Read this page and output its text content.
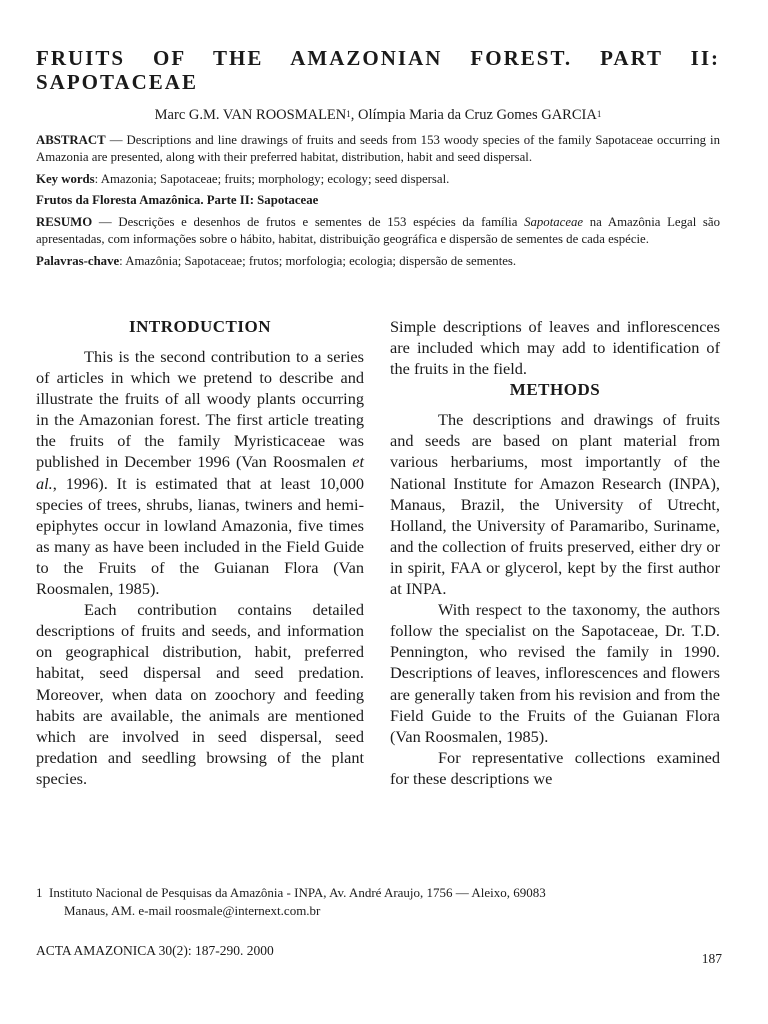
FRUITS OF THE AMAZONIAN FOREST. PART II: SAPOTACEAE
Marc G.M. VAN ROOSMALEN$^1$, Olímpia Maria da Cruz Gomes GARCIA$^1$

ABSTRACT — Descriptions and line drawings of fruits and seeds from 153 woody species of the family Sapotaceae occurring in Amazonia are presented, along with their preferred habitat, distribution, habit and seed dispersal.

Key words: Amazonia; Sapotaceae; fruits; morphology; ecology; seed dispersal.

Frutos da Floresta Amazônica. Parte II: Sapotaceae

RESUMO — Descrições e desenhos de frutos e sementes de 153 espécies da família Sapotaceae na Amazônia Legal são apresentadas, com informações sobre o hábito, habitat, distribuição geográfica e dispersão de sementes de cada espécie.

Palavras-chave: Amazônia; Sapotaceae; frutos; morfologia; ecologia; dispersão de sementes.

INTRODUCTION

This is the second contribution to a series of articles in which we pretend to describe and illustrate the fruits of all woody plants occurring in the Amazonian forest. The first article treating the fruits of the family Myristicaceae was published in December 1996 (Van Roosmalen et al., 1996). It is estimated that at least 10,000 species of trees, shrubs, lianas, twiners and hemi-epiphytes occur in lowland Amazonia, five times as many as have been included in the Field Guide to the Fruits of the Guianan Flora (Van Roosmalen, 1985).

Each contribution contains detailed descriptions of fruits and seeds, and information on geographical distribution, habit, preferred habitat, seed dispersal and seed predation. Moreover, when data on zoochory and feeding habits are available, the animals are mentioned which are involved in seed dispersal, seed predation and seedling browsing of the plant species.

Simple descriptions of leaves and inflorescences are included which may add to identification of the fruits in the field.

METHODS

The descriptions and drawings of fruits and seeds are based on plant material from various herbariums, most importantly of the National Institute for Amazon Research (INPA), Manaus, Brazil, the University of Utrecht, Holland, the University of Paramaribo, Suriname, and the collection of fruits preserved, either dry or in spirit, FAA or glycerol, kept by the first author at INPA.

With respect to the taxonomy, the authors follow the specialist on the Sapotaceae, Dr. T.D. Pennington, who revised the family in 1990. Descriptions of leaves, inflorescences and flowers are generally taken from his revision and from the Field Guide to the Fruits of the Guianan Flora (Van Roosmalen, 1985).

For representative collections examined for these descriptions we

1 Instituto Nacional de Pesquisas da Amazônia - INPA, Av. André Araujo, 1756 — Aleixo, 69083
Manaus, AM. e-mail roosmale@internext.com.br
ACTA AMAZONICA 30(2): 187-290. 2000
187
